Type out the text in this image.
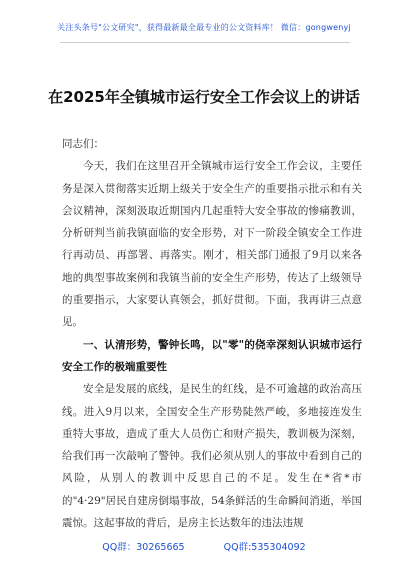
关注头条号"公文研究"，获得最新最全最专业的公文资料库！ 微信：gongwenyj
在2025年全镇城市运行安全工作会议上的讲话

同志们：

今天，我们在这里召开全镇城市运行安全工作会议，主要任务是深入贯彻落实近期上级关于安全生产的重要指示批示和有关会议精神，深刻汲取近期国内几起重特大安全事故的惨痛教训，分析研判当前我镇面临的安全形势，对下一阶段全镇安全工作进行再动员、再部署、再落实。刚才，相关部门通报了9月以来各地的典型事故案例和我镇当前的安全生产形势，传达了上级领导的重要指示，大家要认真领会，抓好贯彻。下面，我再讲三点意见。

一、认清形势，警钟长鸣，以"零"的侥幸深刻认识城市运行安全工作的极端重要性

安全是发展的底线，是民生的红线，是不可逾越的政治高压线。进入9月以来，全国安全生产形势陡然严峻，多地接连发生重特大事故，造成了重大人员伤亡和财产损失，教训极为深刻，给我们再一次敲响了警钟。我们必须从别人的事故中看到自己的风险，从别人的教训中反思自己的不足。发生在*省*市的"4·29"居民自建房倒塌事故，54条鲜活的生命瞬间消逝，举国震惊。这起事故的背后，是房主长达数年的违法违规

QQ群：30265665	QQ群:535304092
